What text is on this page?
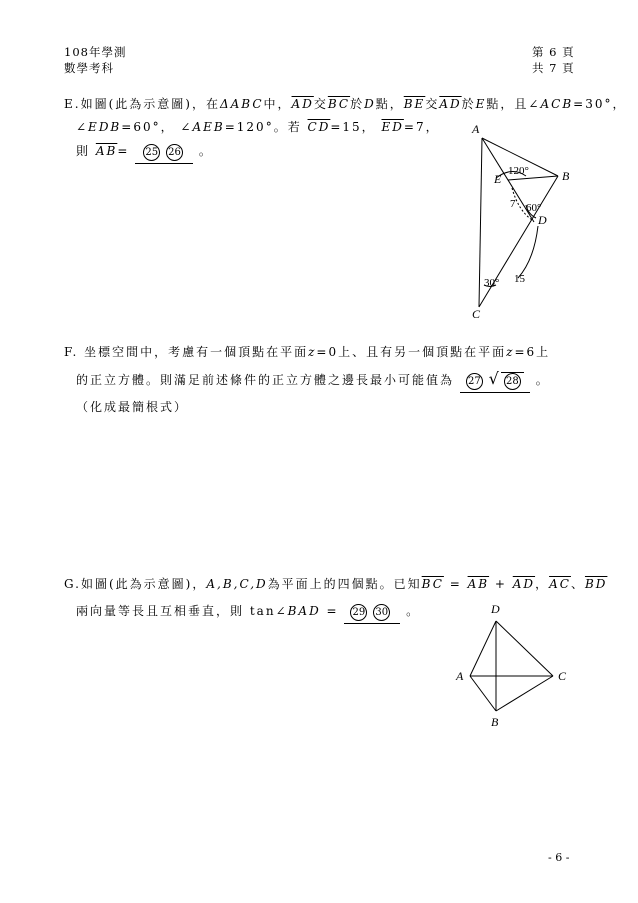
108年學測
數學考科
第 6 頁
共 7 頁
E.如圖(此為示意圖)，在ΔABC中，$\overline{AD}$交$\overline{BC}$於D點，$\overline{BE}$交$\overline{AD}$於E點，且∠ACB=30°，
∠EDB=60°， ∠AEB=120°。若 $\overline{CD}=15$， $\overline{ED}=7$，
則 $\overline{AB}= 25$ 26 。
A
B
C
D
E
120°
60°
30°
7
15
F. 坐標空間中，考慮有一個頂點在平面z=0上、且有另一個頂點在平面z=6上
的正立方體。則滿足前述條件的正立方體之邊長最小可能值為 27 √ 28 。
（化成最簡根式）
G.如圖(此為示意圖)，A,B,C,D為平面上的四個點。已知$\overline{BC} = \overline{AB} + \overline{AD}$，$\overline{AC}$、$\overline{BD}$
兩向量等長且互相垂直，則 tan∠BAD = 29 30 。	D
A	C
B
- 6 -
